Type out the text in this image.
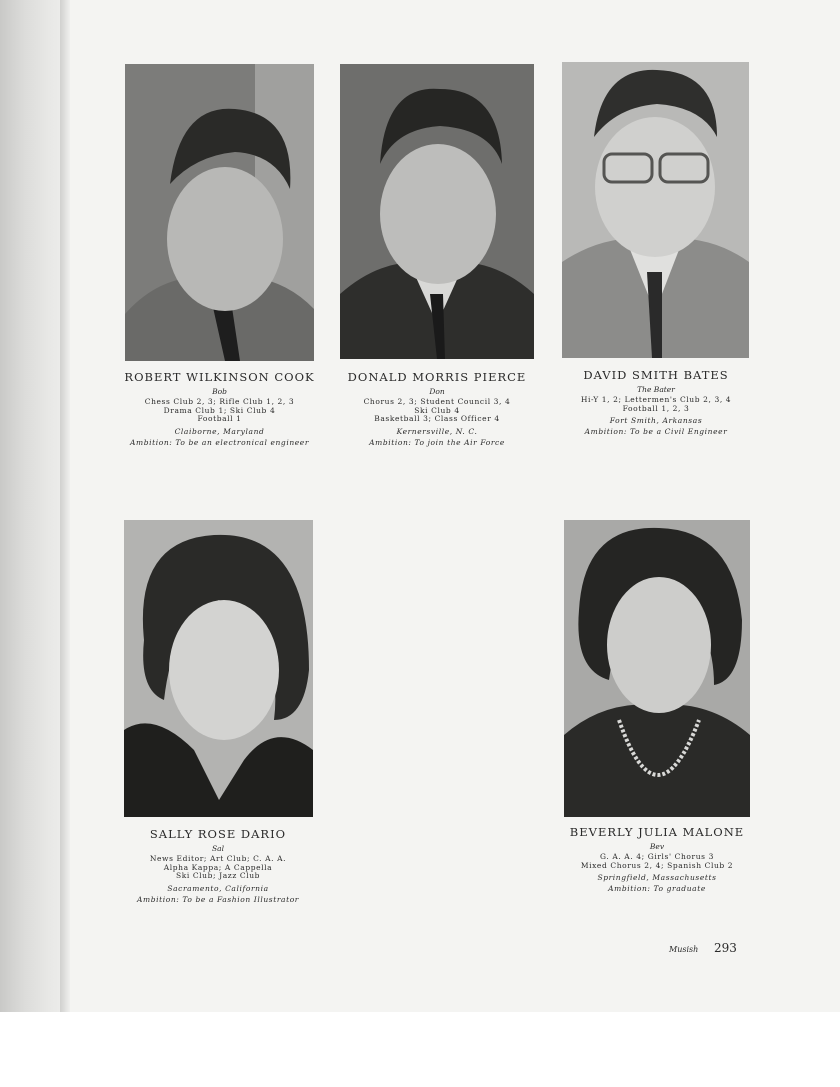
ROBERT WILKINSON COOK

Bob

Chess Club 2, 3; Rifle Club 1, 2, 3

Drama Club 1; Ski Club 4

Football 1

Claiborne, Maryland

Ambition: To be an electronical engineer

DONALD MORRIS PIERCE

Don

Chorus 2, 3; Student Council 3, 4

Ski Club 4

Basketball 3; Class Officer 4

Kernersville, N. C.

Ambition: To join the Air Force

DAVID SMITH BATES

The Bater

Hi-Y 1, 2; Lettermen's Club 2, 3, 4

Football 1, 2, 3

Fort Smith, Arkansas

Ambition: To be a Civil Engineer

SALLY ROSE DARIO

Sal

News Editor; Art Club; C. A. A.

Alpha Kappa; A Cappella

Ski Club; Jazz Club

Sacramento, California

Ambition: To be a Fashion Illustrator

BEVERLY JULIA MALONE

Bev

G. A. A. 4; Girls' Chorus 3

Mixed Chorus 2, 4; Spanish Club 2

Springfield, Massachusetts

Ambition: To graduate

Musish 293
